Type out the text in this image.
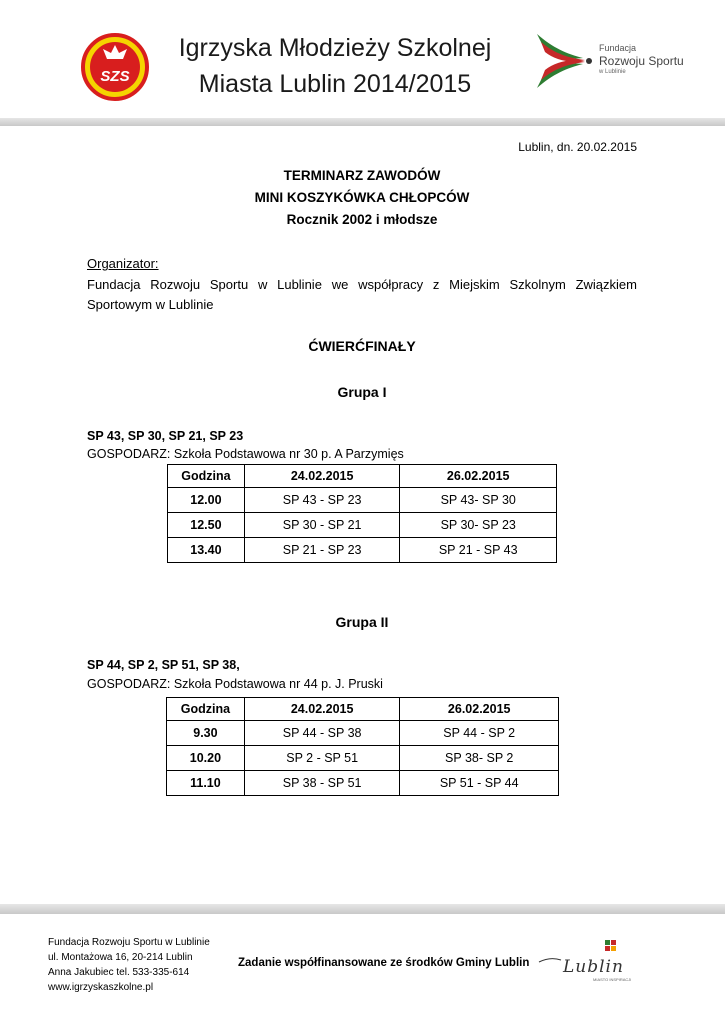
SZS
Igrzyska Młodzieży Szkolnej
Miasta Lublin 2014/2015
Fundacja
Rozwoju Sportu
w Lublinie
Lublin, dn. 20.02.2015
TERMINARZ ZAWODÓW
MINI KOSZYKÓWKA CHŁOPCÓW
Rocznik 2002 i młodsze
Organizator:
Fundacja Rozwoju Sportu w Lublinie we współpracy z Miejskim Szkolnym Związkiem Sportowym w Lublinie
ĆWIERĆFINAŁY
Grupa I
SP 43, SP 30, SP 21, SP 23
GOSPODARZ: Szkoła Podstawowa nr 30 p. A Parzymięs
Godzina	24.02.2015	26.02.2015
12.00	SP 43 - SP 23	SP 43- SP 30
12.50	SP 30 - SP 21	SP 30- SP 23
13.40	SP 21 - SP 23	SP 21 - SP 43
Grupa II
SP 44, SP 2, SP 51, SP 38,
GOSPODARZ: Szkoła Podstawowa nr 44 p. J. Pruski
Godzina	24.02.2015	26.02.2015
9.30	SP 44 - SP 38	SP 44 - SP 2
10.20	SP 2 - SP 51	SP 38- SP 2
11.10	SP 38 - SP 51	SP 51 - SP 44
Fundacja Rozwoju Sportu w Lublinie
ul. Montażowa 16, 20-214 Lublin
Anna Jakubiec tel. 533-335-614
www.igrzyskaszkolne.pl
Zadanie współfinansowane ze środków Gminy Lublin Lublin
MIASTO INSPIRACJI
